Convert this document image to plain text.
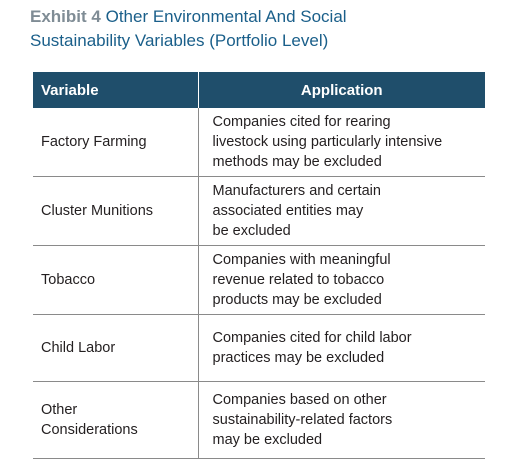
Exhibit 4 Other Environmental And Social
Sustainability Variables (Portfolio Level)
Variable	Application

Factory Farming	Companies cited for rearing
livestock using particularly intensive
methods may be excluded

Cluster Munitions	Manufacturers and certain
associated entities may
be excluded

Tobacco	Companies with meaningful
revenue related to tobacco
products may be excluded

Child Labor	Companies cited for child labor
practices may be excluded

Other
Considerations	Companies based on other
sustainability-related factors
may be excluded
